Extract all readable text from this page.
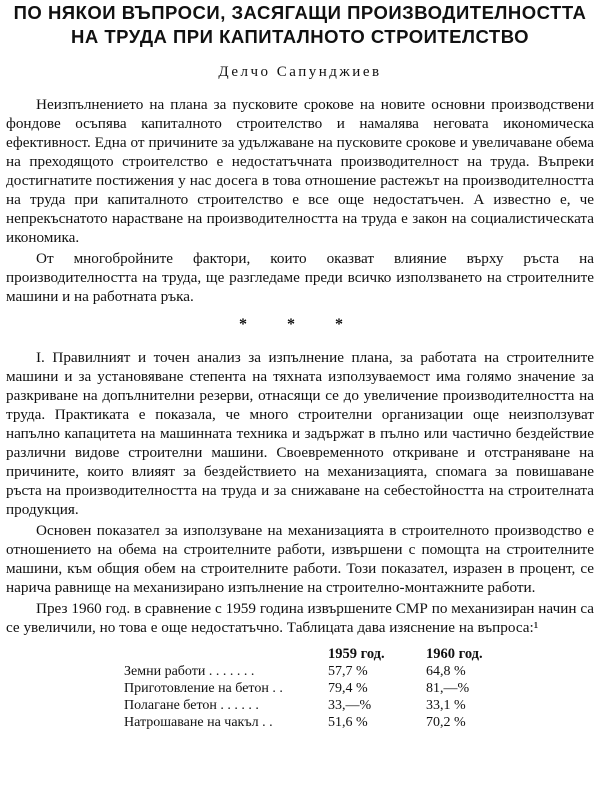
ПО НЯКОИ ВЪПРОСИ, ЗАСЯГАЩИ ПРОИЗВОДИТЕЛНОСТТА
НА ТРУДА ПРИ КАПИТАЛНОТО СТРОИТЕЛСТВО
Делчо Сапунджиев

Неизпълнението на плана за пусковите срокове на новите основни производствени фондове осъпява капиталното строителство и намалява неговата икономическа ефективност. Една от причините за удължаване на пусковите срокове и увеличаване обема на преходящото строителство е недостатъчната производителност на труда. Въпреки достигнатите постижения у нас досега в това отношение растежът на производителността на труда при капиталното строителство е все още недостатъчен. А известно е, че непрекъснатото нарастване на производителността на труда е закон на социалистическата икономика.

От многобройните фактори, които оказват влияние върху ръста на производителността на труда, ще разгледаме преди всичко използването на строителните машини и на работната ръка.

* * *

I. Правилният и точен анализ за изпълнение плана, за работата на строителните машини и за установяване степента на тяхната използуваемост има голямо значение за разкриване на допълнителни резерви, отнасящи се до увеличение производителността на труда. Практиката е показала, че много строителни организации още неизползуват напълно капацитета на машинната техника и задържат в пълно или частично бездействие различни видове строителни машини. Своевременното откриване и отстраняване на причините, които влияят за бездействието на механизацията, спомага за повишаване ръста на производителността на труда и за снижаване на себестойността на строителната продукция.

Основен показател за използуване на механизацията в строителното производство е отношението на обема на строителните работи, извършени с помощта на строителните машини, към общия обем на строителните работи. Този показател, изразен в процент, се нарича равнище на механизирано изпълнение на строително-монтажните работи.

През 1960 год. в сравнение с 1959 година извършените СМР по механизиран начин са се увеличили, но това е още недостатъчно. Таблицата дава изяснение на въпроса:¹

	1959 год.	1960 год.
Земни работи . . . . . . .	57,7 %	64,8 %
Приготовление на бетон . .	79,4 %	81,—%
Полагане бетон . . . . . .	33,—%	33,1 %
Натрошаване на чакъл . .	51,6 %	70,2 %
